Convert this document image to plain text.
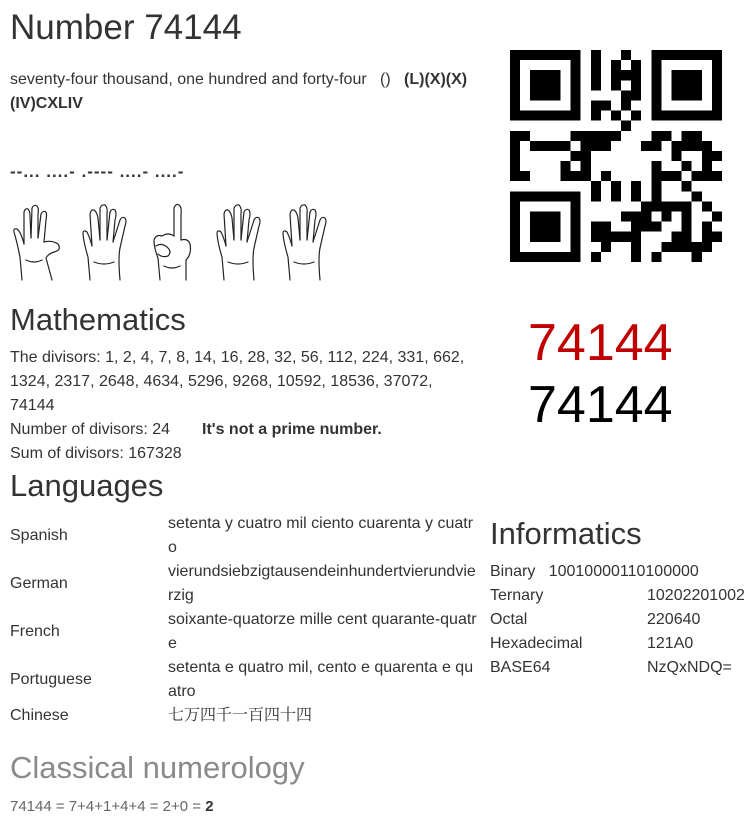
Number 74144
seventy-four thousand, one hundred and forty-four () (L)(X)(X)(IV)CXLIV
--... ....- .---- ....- ....-
Mathematics
The divisors: 1, 2, 4, 7, 8, 14, 16, 28, 32, 56, 112, 224, 331, 662, 1324, 2317, 2648, 4634, 5296, 9268, 10592, 18536, 37072, 74144
Number of divisors: 24 It's not a prime number.
Sum of divisors: 167328
74144
74144
Languages
Spanish	setenta y cuatro mil ciento cuarenta y cuatro
German	vierundsiebzigtausendeinhundertvierundvierzig
French	soixante-quatorze mille cent quarante-quatre
Portuguese	setenta e quatro mil, cento e quarenta e quatro
Chinese	七万四千一百四十四
Informatics
Binary 10010000110100000
Ternary	10202201002
Octal	220640
Hexadecimal	121A0
BASE64	NzQxNDQ=
Classical numerology
74144 = 7+4+1+4+4 = 2+0 = 2
